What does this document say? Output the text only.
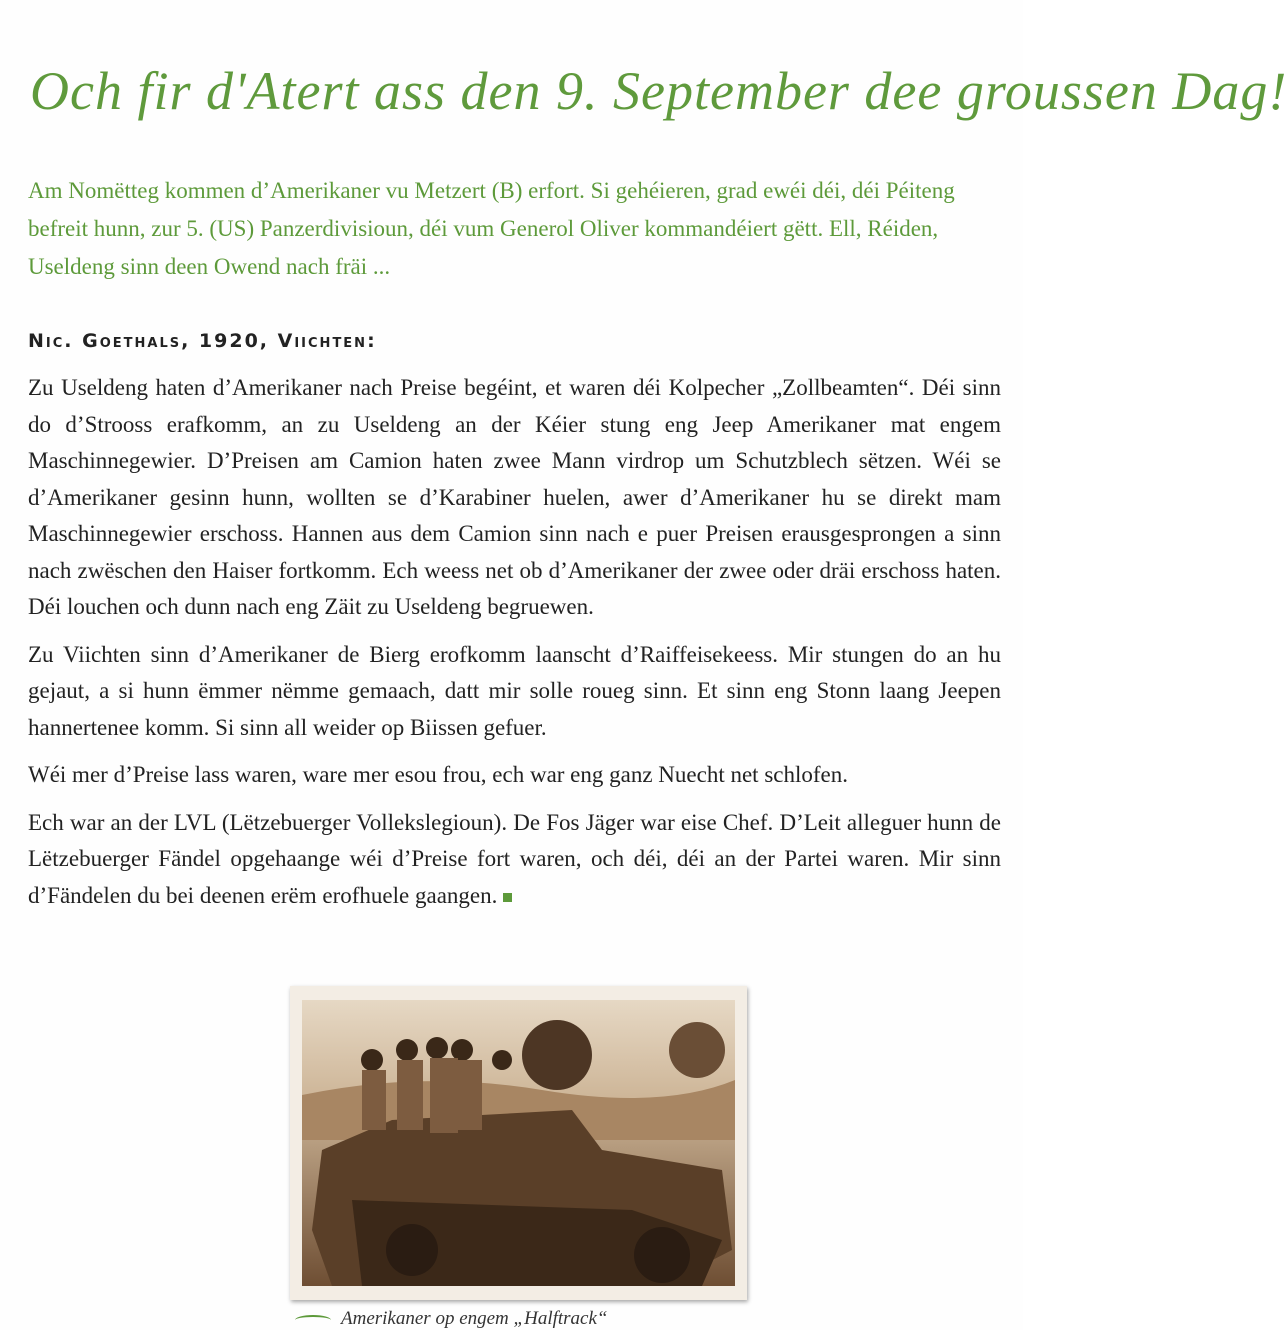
Och fir d'Atert ass den 9. September dee groussen Dag!
Am Nomëtteg kommen d’Amerikaner vu Metzert (B) erfort. Si gehéieren, grad ewéi déi, déi Péiteng befreit hunn, zur 5. (US) Panzerdivisioun, déi vum Generol Oliver kommandéiert gëtt. Ell, Réiden, Useldeng sinn deen Owend nach fräi ...
Nic. Goethals, 1920, Viichten:

Zu Useldeng haten d’Amerikaner nach Preise begéint, et waren déi Kolpecher „Zollbeamten“. Déi sinn do d’Strooss erafkomm, an zu Useldeng an der Kéier stung eng Jeep Amerikaner mat engem Maschinnegewier. D’Preisen am Camion haten zwee Mann virdrop um Schutzblech sëtzen. Wéi se d’Amerikaner gesinn hunn, wollten se d’Karabiner huelen, awer d’Amerikaner hu se direkt mam Maschinnegewier erschoss. Hannen aus dem Camion sinn nach e puer Preisen erausgesprongen a sinn nach zwëschen den Haiser fortkomm. Ech weess net ob d’Amerikaner der zwee oder dräi erschoss haten. Déi louchen och dunn nach eng Zäit zu Useldeng begruewen.

Zu Viichten sinn d’Amerikaner de Bierg erofkomm laanscht d’Raiffeisekeess. Mir stungen do an hu gejaut, a si hunn ëmmer nëmme gemaach, datt mir solle roueg sinn. Et sinn eng Stonn laang Jeepen hannertenee komm. Si sinn all weider op Biissen gefuer.

Wéi mer d’Preise lass waren, ware mer esou frou, ech war eng ganz Nuecht net schlofen.

Ech war an der LVL (Lëtzebuerger Vollekslegioun). De Fos Jäger war eise Chef. D’Leit alleguer hunn de Lëtzebuerger Fändel opgehaange wéi d’Preise fort waren, och déi, déi an der Partei waren. Mir sinn d’Fändelen du bei deenen erëm erofhuele gaangen.

Amerikaner op engem „Halftrack“
